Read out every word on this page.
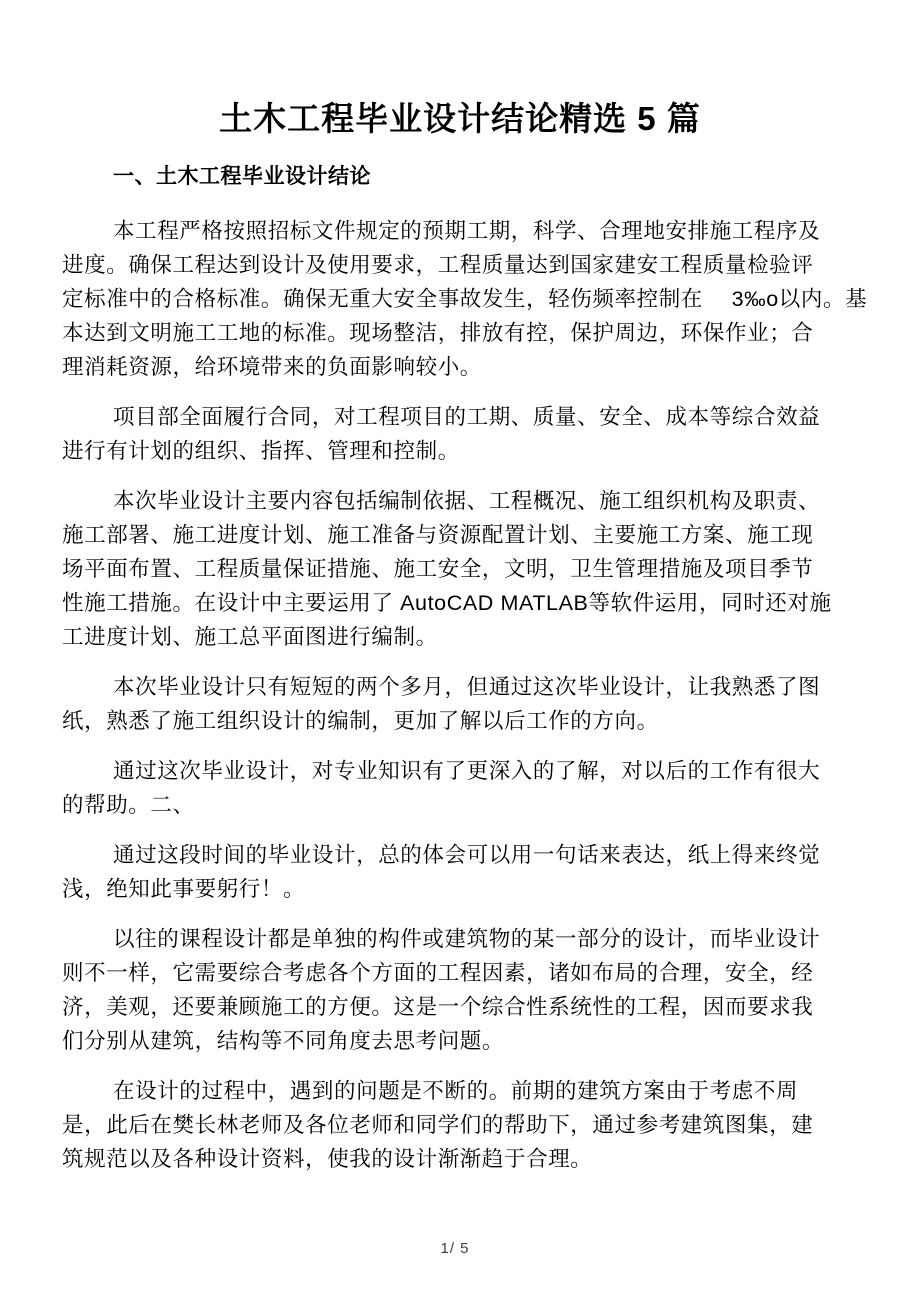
土木工程毕业设计结论精选 5 篇
一、土木工程毕业设计结论
本工程严格按照招标文件规定的预期工期，科学、合理地安排施工程序及
进度。确保工程达到设计及使用要求，工程质量达到国家建安工程质量检验评
定标准中的合格标准。确保无重大安全事故发生，轻伤频率控制在　 3‰o以内。基
本达到文明施工工地的标准。现场整洁，排放有控，保护周边，环保作业；合
理消耗资源，给环境带来的负面影响较小。
项目部全面履行合同，对工程项目的工期、质量、安全、成本等综合效益
进行有计划的组织、指挥、管理和控制。
本次毕业设计主要内容包括编制依据、工程概况、施工组织机构及职责、
施工部署、施工进度计划、施工准备与资源配置计划、主要施工方案、施工现
场平面布置、工程质量保证措施、施工安全，文明，卫生管理措施及项目季节
性施工措施。在设计中主要运用了 AutoCAD MATLAB等软件运用，同时还对施
工进度计划、施工总平面图进行编制。
本次毕业设计只有短短的两个多月，但通过这次毕业设计，让我熟悉了图
纸，熟悉了施工组织设计的编制，更加了解以后工作的方向。
通过这次毕业设计，对专业知识有了更深入的了解，对以后的工作有很大
的帮助。二、
通过这段时间的毕业设计，总的体会可以用一句话来表达，纸上得来终觉
浅，绝知此事要躬行！。
以往的课程设计都是单独的构件或建筑物的某一部分的设计，而毕业设计
则不一样，它需要综合考虑各个方面的工程因素，诸如布局的合理，安全，经
济，美观，还要兼顾施工的方便。这是一个综合性系统性的工程，因而要求我
们分别从建筑，结构等不同角度去思考问题。
在设计的过程中，遇到的问题是不断的。前期的建筑方案由于考虑不周
是，此后在樊长林老师及各位老师和同学们的帮助下，通过参考建筑图集，建
筑规范以及各种设计资料，使我的设计渐渐趋于合理。
1/ 5
